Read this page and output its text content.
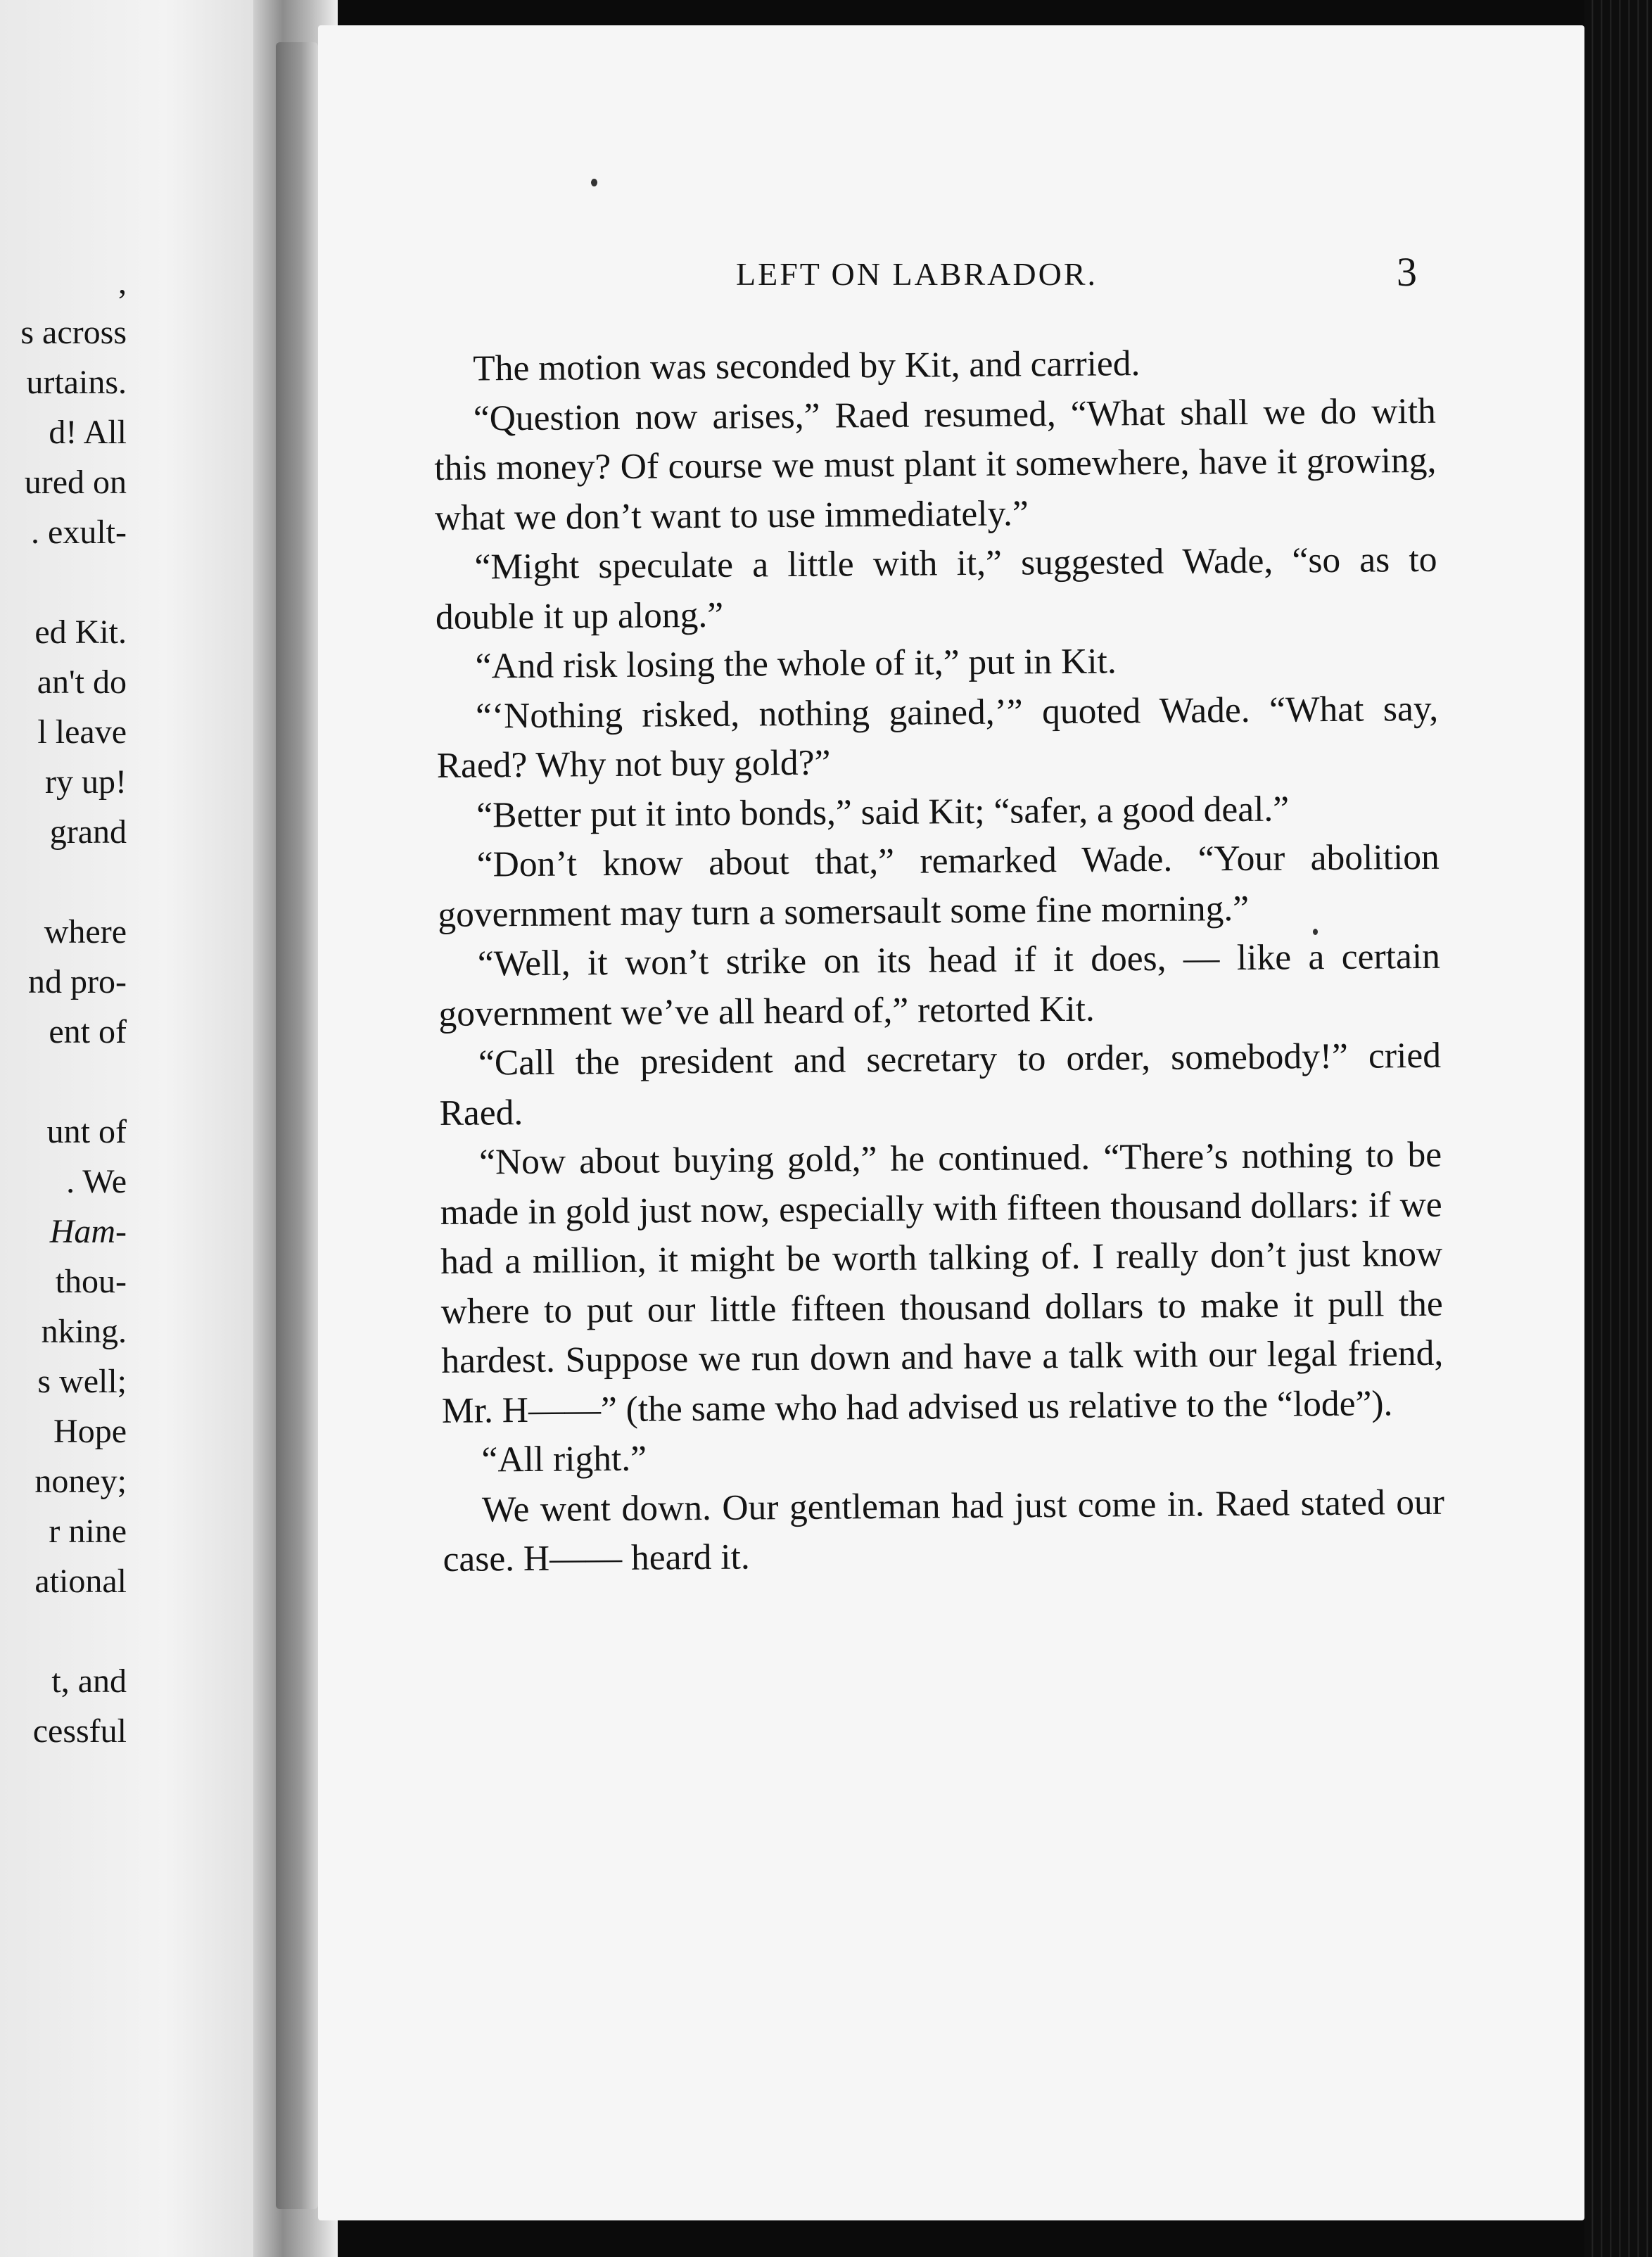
,
s across
urtains.
d! All
ured on
. exult-
ed Kit.
an't do
l leave
ry up!
grand
where
nd pro-
ent of
unt of
. We
Ham-
thou-
nking.
s well;
Hope
noney;
r nine
ational
t, and
cessful
LEFT ON LABRADOR.	3

The motion was seconded by Kit, and carried.

“Question now arises,” Raed resumed, “What shall we do with this money? Of course we must plant it somewhere, have it growing, what we don’t want to use immediately.”

“Might speculate a little with it,” suggested Wade, “so as to double it up along.”

“And risk losing the whole of it,” put in Kit.

“‘Nothing risked, nothing gained,’” quoted Wade. “What say, Raed? Why not buy gold?”

“Better put it into bonds,” said Kit; “safer, a good deal.”

“Don’t know about that,” remarked Wade. “Your abolition government may turn a somersault some fine morning.”

“Well, it won’t strike on its head if it does, — like a certain government we’ve all heard of,” retorted Kit.

“Call the president and secretary to order, somebody!” cried Raed.

“Now about buying gold,” he continued. “There’s nothing to be made in gold just now, especially with fifteen thousand dollars: if we had a million, it might be worth talking of. I really don’t just know where to put our little fifteen thousand dollars to make it pull the hardest. Suppose we run down and have a talk with our legal friend, Mr. H——” (the same who had advised us relative to the “lode”).

“All right.”

We went down. Our gentleman had just come in. Raed stated our case. H—— heard it.
